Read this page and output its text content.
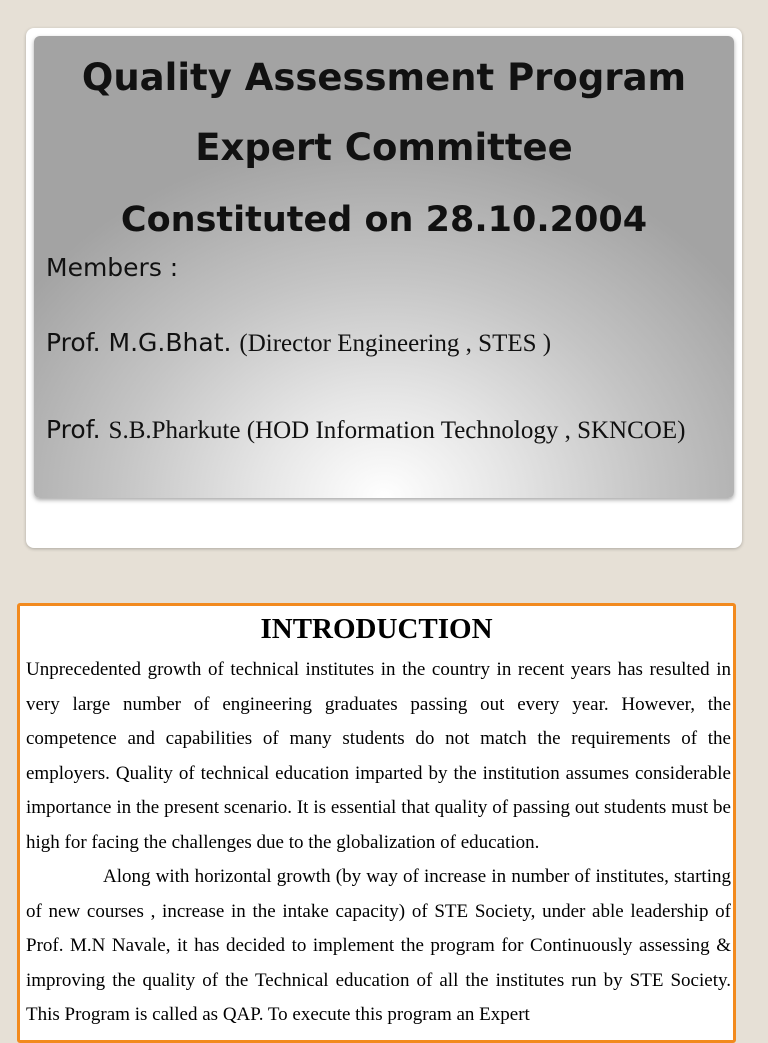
Quality Assessment Program
Expert Committee
Constituted on 28.10.2004
Members :
Prof. M.G.Bhat. (Director Engineering , STES )
Prof. S.B.Pharkute (HOD Information Technology , SKNCOE)
INTRODUCTION

Unprecedented growth of technical institutes in the country in recent years has resulted in very large number of engineering graduates passing out every year. However, the competence and capabilities of many students do not match the requirements of the employers. Quality of technical education imparted by the institution assumes considerable importance in the present scenario. It is essential that quality of passing out students must be high for facing the challenges due to the globalization of education.

Along with horizontal growth (by way of increase in number of institutes, starting of new courses , increase in the intake capacity) of STE Society, under able leadership of Prof. M.N Navale, it has decided to implement the program for Continuously assessing & improving the quality of the Technical education of all the institutes run by STE Society. This Program is called as QAP. To execute this program an Expert
